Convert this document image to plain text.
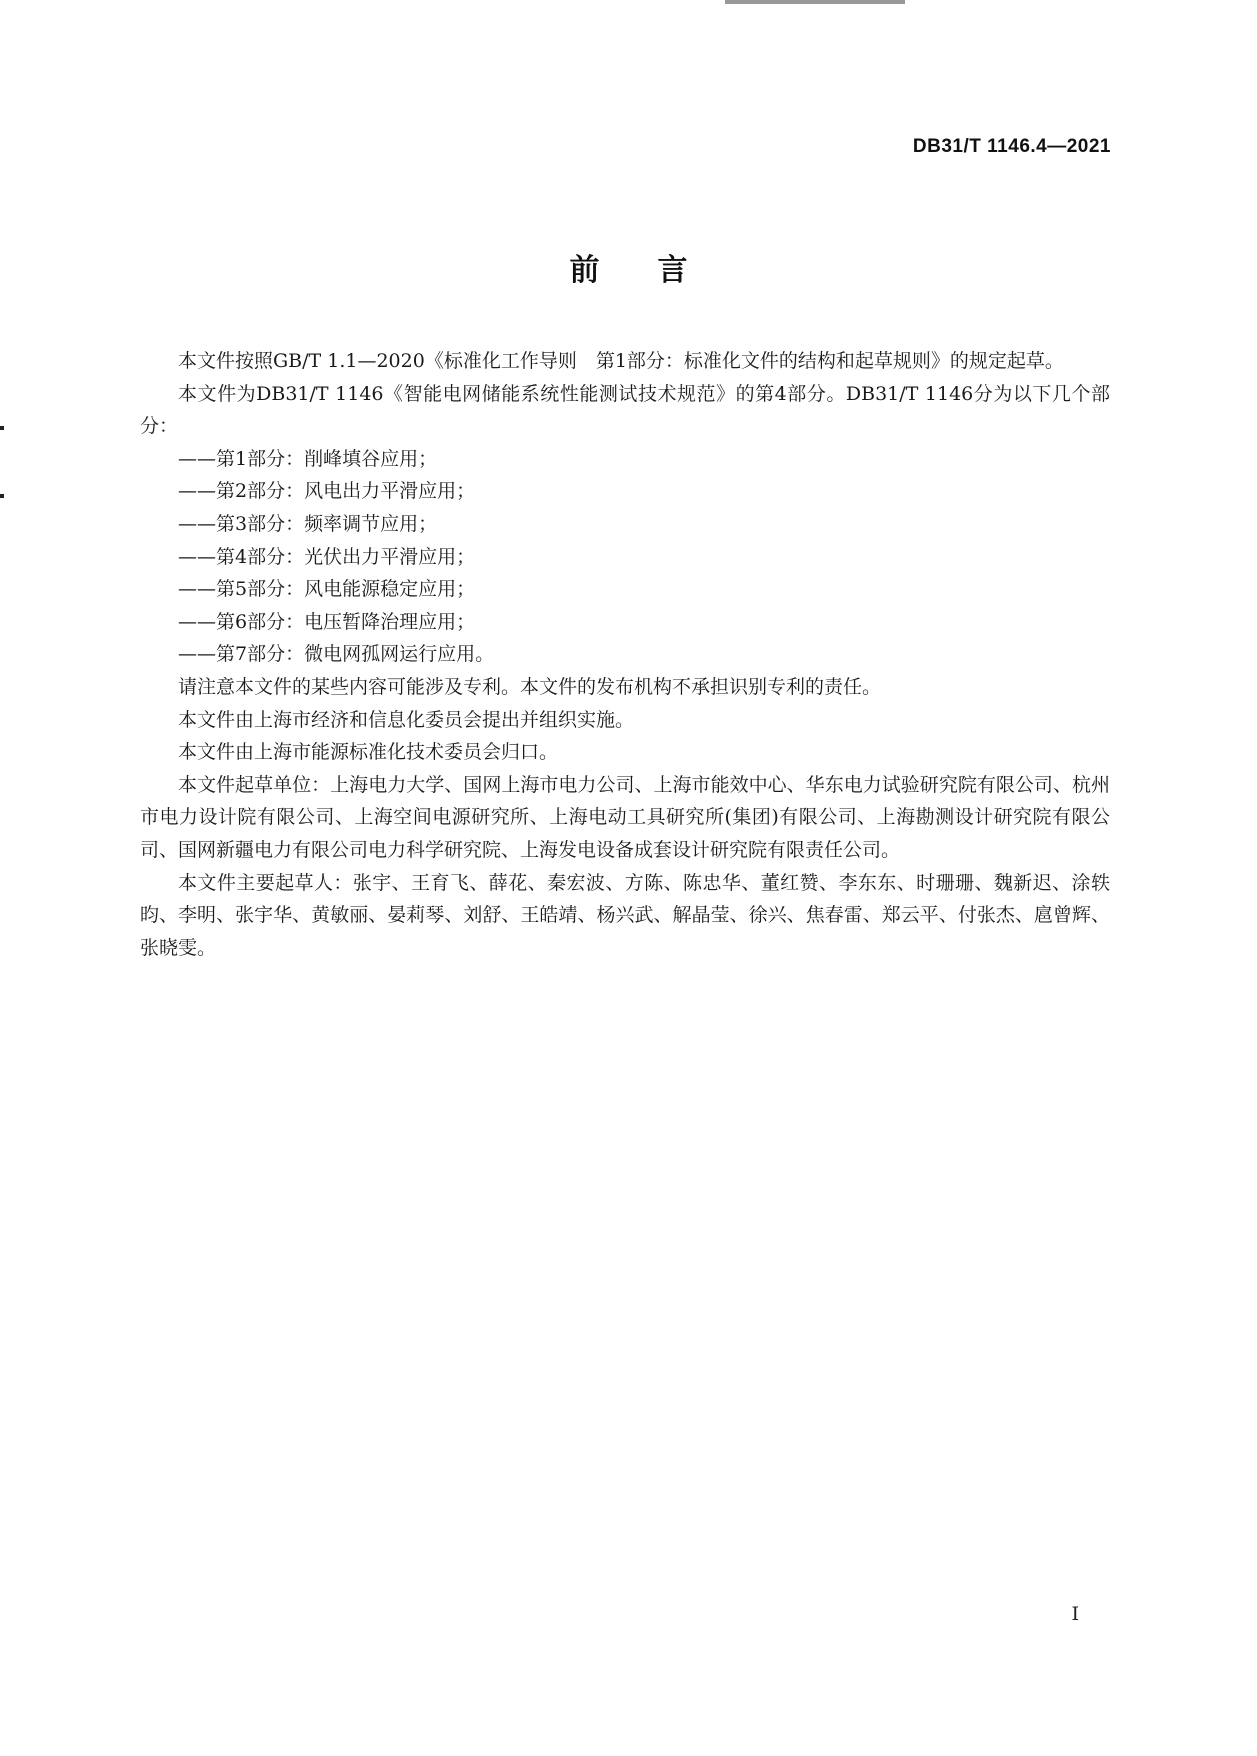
DB31/T 1146.4—2021
前言

本文件按照GB/T 1.1—2020《标准化工作导则　第1部分：标准化文件的结构和起草规则》的规定起草。

本文件为DB31/T 1146《智能电网储能系统性能测试技术规范》的第4部分。DB31/T 1146分为以下几个部分：

——第1部分：削峰填谷应用；
——第2部分：风电出力平滑应用；
——第3部分：频率调节应用；
——第4部分：光伏出力平滑应用；
——第5部分：风电能源稳定应用；
——第6部分：电压暂降治理应用；
——第7部分：微电网孤网运行应用。

请注意本文件的某些内容可能涉及专利。本文件的发布机构不承担识别专利的责任。

本文件由上海市经济和信息化委员会提出并组织实施。

本文件由上海市能源标准化技术委员会归口。

本文件起草单位：上海电力大学、国网上海市电力公司、上海市能效中心、华东电力试验研究院有限公司、杭州市电力设计院有限公司、上海空间电源研究所、上海电动工具研究所(集团)有限公司、上海勘测设计研究院有限公司、国网新疆电力有限公司电力科学研究院、上海发电设备成套设计研究院有限责任公司。

本文件主要起草人：张宇、王育飞、薛花、秦宏波、方陈、陈忠华、董红赞、李东东、时珊珊、魏新迟、涂轶昀、李明、张宇华、黄敏丽、晏莉琴、刘舒、王皓靖、杨兴武、解晶莹、徐兴、焦春雷、郑云平、付张杰、扈曾辉、张晓雯。

I
